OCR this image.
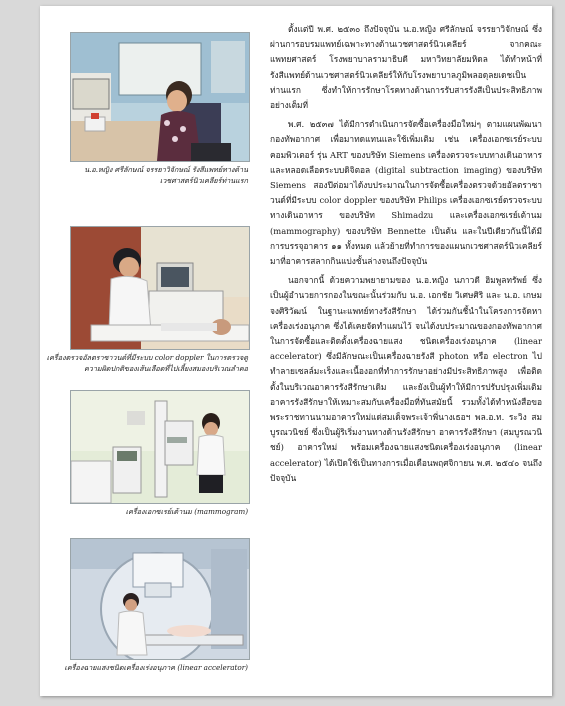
น.อ.หญิง ศรีลักษณ์ จรรยาวิจักษณ์ รังสีแพทย์ทางด้านเวชศาสตร์นิวเคลียร์ท่านแรก
เครื่องตรวจอัลตราซาวนด์ที่มีระบบ color doppler ในการตรวจดูความผิดปกติของเส้นเลือดที่ไปเลี้ยงสมองบริเวณลำคอ
เครื่องเอกซเรย์เต้านม (mammogram)
เครื่องฉายแสงชนิดเครื่องเร่งอนุภาค (linear accelerator)

ตั้งแต่ปี พ.ศ. ๒๕๓๐ ถึงปัจจุบัน น.อ.หญิง ศรีลักษณ์ จรรยาวิจักษณ์ ซึ่งผ่านการอบรมแพทย์เฉพาะทางด้านเวชศาสตร์นิวเคลียร์ จากคณะแพทยศาสตร์ โรงพยาบาลรามาธิบดี มหาวิทยาลัยมหิดล ได้ทำหน้าที่รังสีแพทย์ด้านเวชศาสตร์นิวเคลียร์ให้กับโรงพยาบาลภูมิพลอดุลยเดชเป็นท่านแรก ซึ่งทำให้การรักษาโรคทางด้านการรับสารรังสีเป็นประสิทธิภาพอย่างเต็มที่

พ.ศ. ๒๕๓๗ ได้มีการดำเนินการจัดซื้อเครื่องมือใหม่ๆ ตามแผนพัฒนากองทัพอากาศ เพื่อมาทดแทนและใช้เพิ่มเติม เช่น เครื่องเอกซเรย์ระบบคอมพิวเตอร์ รุ่น ART ของบริษัท Siemens เครื่องตรวจระบบทางเดินอาหารและหลอดเลือดระบบดิจิตอล (digital subtraction imaging) ของบริษัท Siemens สองปีต่อมาได้งบประมาณในการจัดซื้อเครื่องตรวจด้วยอัลตราซาวนด์ที่มีระบบ color doppler ของบริษัท Philips เครื่องเอกซเรย์ตรวจระบบทางเดินอาหาร ของบริษัท Shimadzu และเครื่องเอกซเรย์เต้านม (mammography) ของบริษัท Bennette เป็นต้น และในปีเดียวกันนี้ได้มีการบรรจุอาคาร ๑๑ ทั้งหมด แล้วย้ายที่ทำการของแผนกเวชศาสตร์นิวเคลียร์มาที่อาคารสลากกินแบ่งชั้นล่างจนถึงปัจจุบัน

นอกจากนี้ ด้วยความพยายามของ น.อ.หญิง นภาวดี ฮิมพูลทรัพย์ ซึ่งเป็นผู้อำนวยการกองในขณะนั้นร่วมกับ น.อ. เอกชัย วิเศษศิริ และ น.อ. เกษม จงศิริวัฒน์ ในฐานะแพทย์ทางรังสีรักษา ได้ร่วมกันชี้นำในโครงการจัดหาเครื่องเร่งอนุภาค ซึ่งได้เคยจัดทำแผนไว้ จนได้งบประมาณของกองทัพอากาศในการจัดซื้อและติดตั้งเครื่องฉายแสง ชนิดเครื่องเร่งอนุภาค (linear accelerator) ซึ่งมีลักษณะเป็นเครื่องฉายรังสี photon หรือ electron ไปทำลายเซลล์มะเร็งและเนื้องอกที่ทำการรักษาอย่างมีประสิทธิภาพสูง เพื่อติดตั้งในบริเวณอาคารรังสีรักษาเดิม และยังเป็นผู้ทำให้มีการปรับปรุงเพิ่มเติมอาคารรังสีรักษาให้เหมาะสมกับเครื่องมือที่ทันสมัยนี้ รวมทั้งได้ทำหนังสือขอพระราชทานนามอาคารใหม่แด่สมเด็จพระเจ้าพี่นางเธอฯ พล.อ.ท. ระวิง สมบูรณวนิชย์ ซึ่งเป็นผู้ริเริ่มงานทางด้านรังสีรักษา อาคารรังสีรักษา (สมบูรณวนิชย์) อาคารใหม่ พร้อมเครื่องฉายแสงชนิดเครื่องเร่งอนุภาค (linear accelerator) ได้เปิดใช้เป็นทางการเมื่อเดือนพฤศจิกายน พ.ศ. ๒๕๔๐ จนถึงปัจจุบัน
